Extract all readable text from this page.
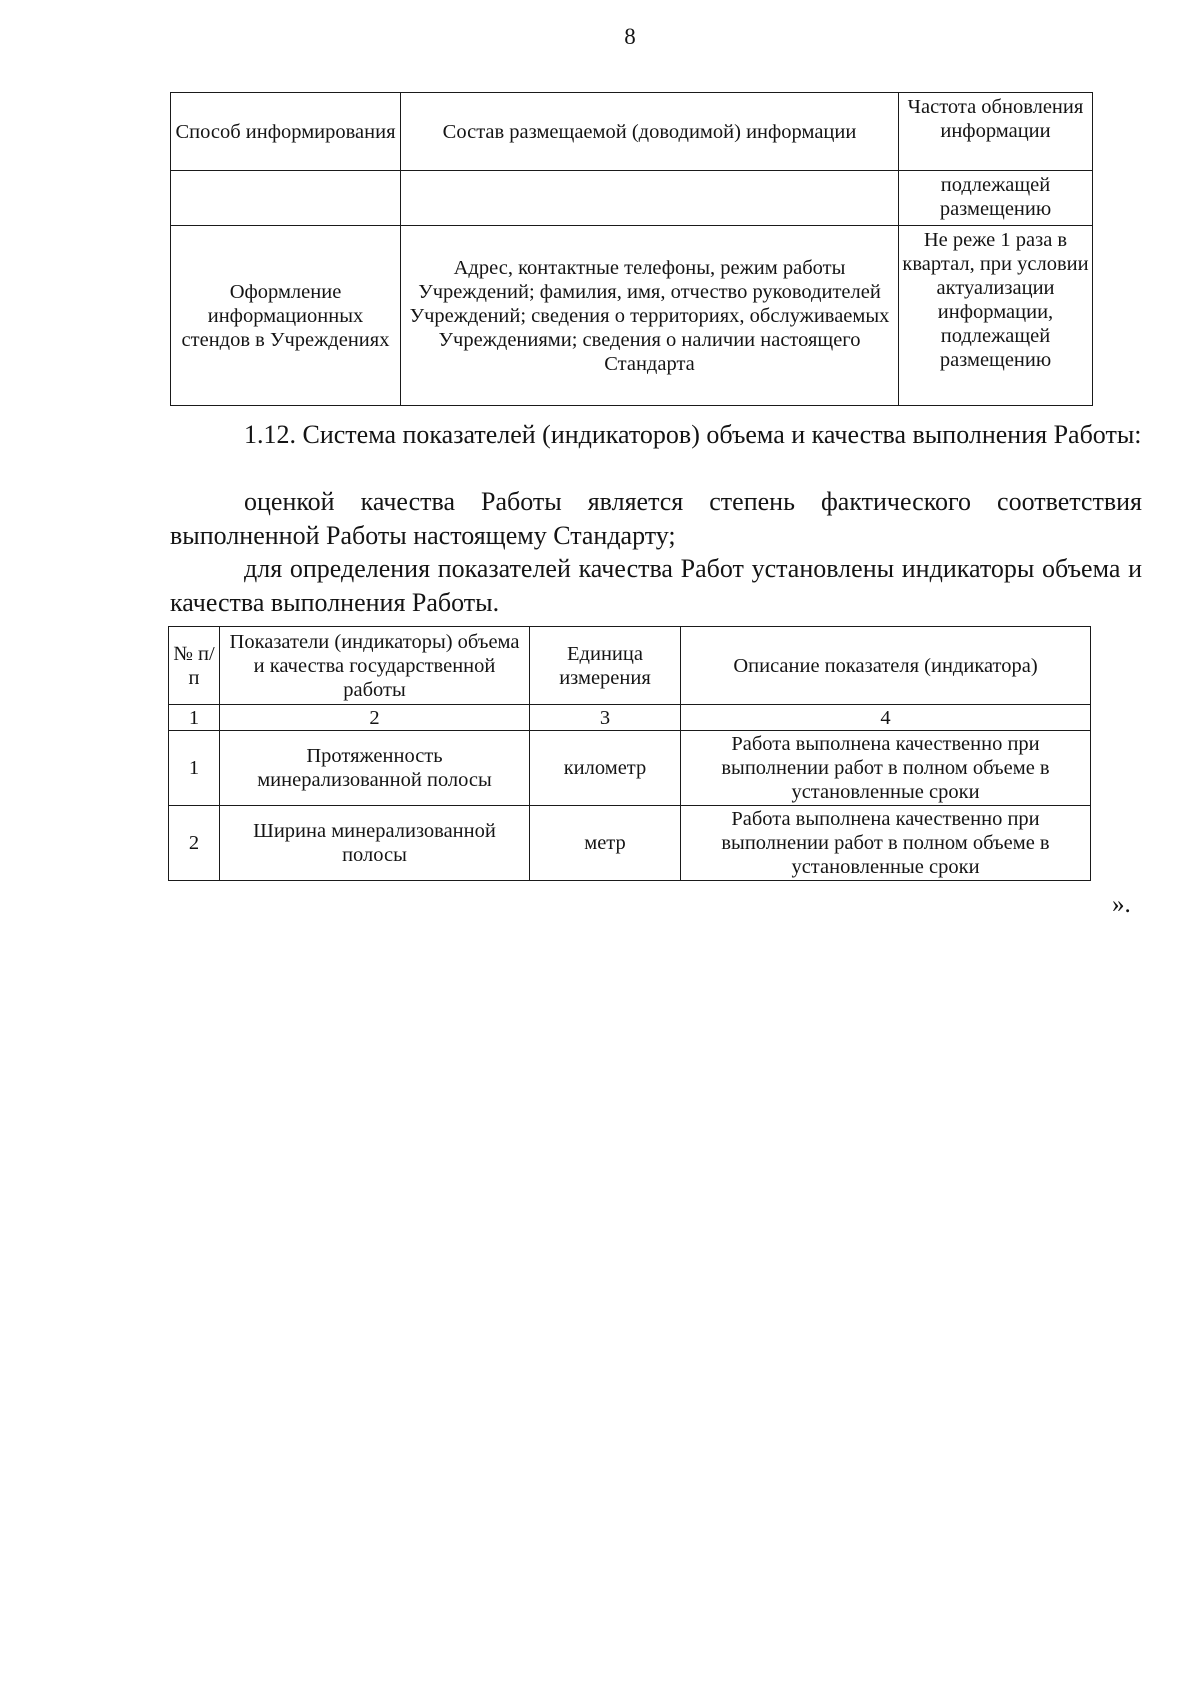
8
Способ информирования	Состав размещаемой (доводимой) информации	Частота обновления информации
		подлежащей размещению
Оформление информационных стендов в Учреждениях	Адрес, контактные телефоны, режим работы Учреждений; фамилия, имя, отчество руководителей Учреждений; сведения о территориях, обслуживаемых Учреждениями; сведения о наличии настоящего Стандарта	Не реже 1 раза в квартал, при условии актуализации информации, подлежащей размещению

1.12. Система показателей (индикаторов) объема и качества выполнения Работы:

оценкой качества Работы является степень фактического соответствия выполненной Работы настоящему Стандарту;

для определения показателей качества Работ установлены индикаторы объема и качества выполнения Работы.

№ п/п	Показатели (индикаторы) объема и качества государственной работы	Единица измерения	Описание показателя (индикатора)
1	2	3	4
1	Протяженность минерализованной полосы	километр	Работа выполнена качественно при выполнении работ в полном объеме в установленные сроки
2	Ширина минерализованной полосы	метр	Работа выполнена качественно при выполнении работ в полном объеме в установленные сроки
».
